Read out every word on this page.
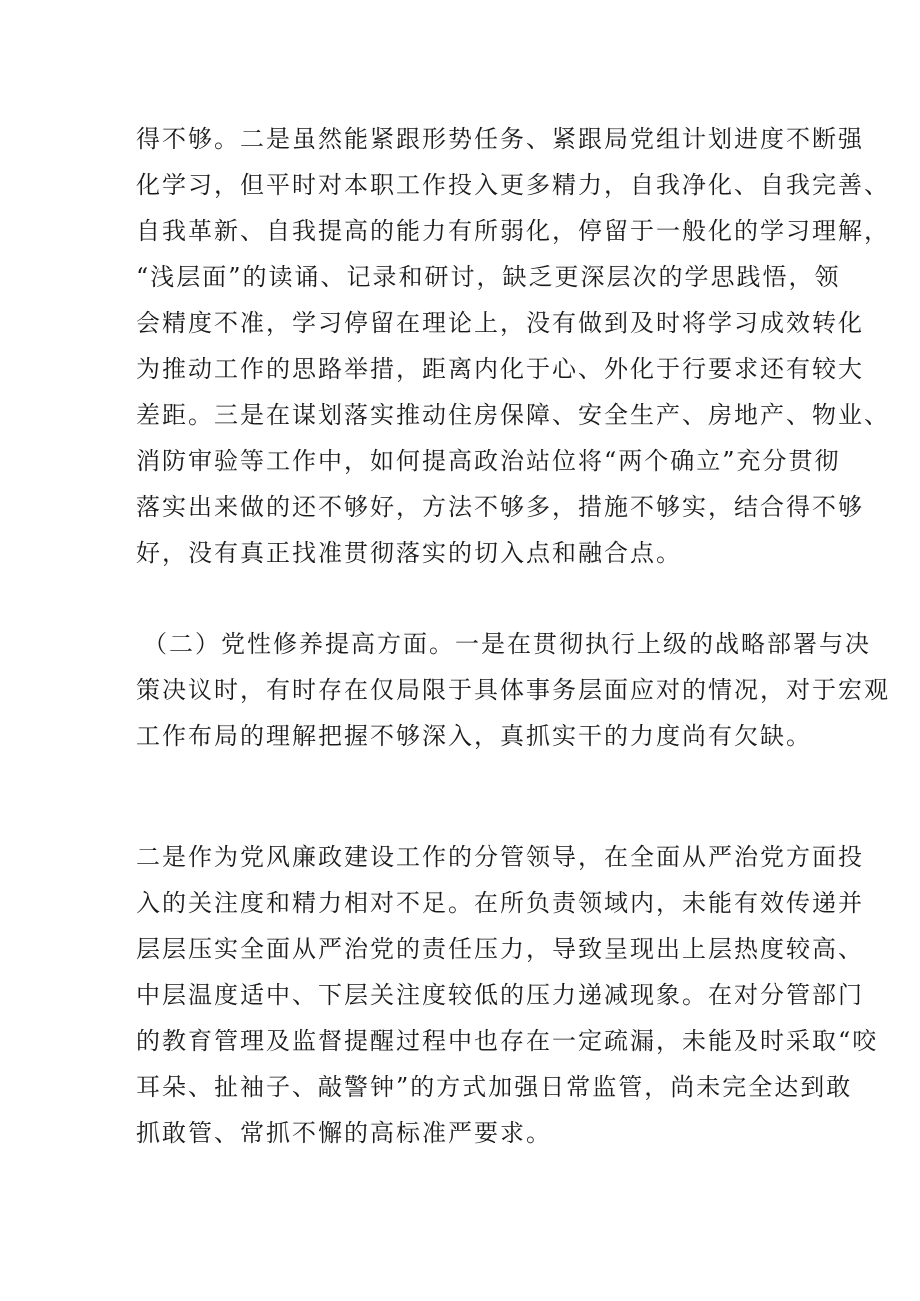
得不够。二是虽然能紧跟形势任务、紧跟局党组计划进度不断强
化学习，但平时对本职工作投入更多精力，自我净化、自我完善、
自我革新、自我提高的能力有所弱化，停留于一般化的学习理解，
“浅层面”的读诵、记录和研讨，缺乏更深层次的学思践悟，领
会精度不准，学习停留在理论上，没有做到及时将学习成效转化
为推动工作的思路举措，距离内化于心、外化于行要求还有较大
差距。三是在谋划落实推动住房保障、安全生产、房地产、物业、
消防审验等工作中，如何提高政治站位将“两个确立”充分贯彻
落实出来做的还不够好，方法不够多，措施不够实，结合得不够
好，没有真正找准贯彻落实的切入点和融合点。
（二）党性修养提高方面。一是在贯彻执行上级的战略部署与决
策决议时，有时存在仅局限于具体事务层面应对的情况，对于宏观
工作布局的理解把握不够深入，真抓实干的力度尚有欠缺。
二是作为党风廉政建设工作的分管领导，在全面从严治党方面投
入的关注度和精力相对不足。在所负责领域内，未能有效传递并
层层压实全面从严治党的责任压力，导致呈现出上层热度较高、
中层温度适中、下层关注度较低的压力递减现象。在对分管部门
的教育管理及监督提醒过程中也存在一定疏漏，未能及时采取“咬
耳朵、扯袖子、敲警钟”的方式加强日常监管，尚未完全达到敢
抓敢管、常抓不懈的高标准严要求。
